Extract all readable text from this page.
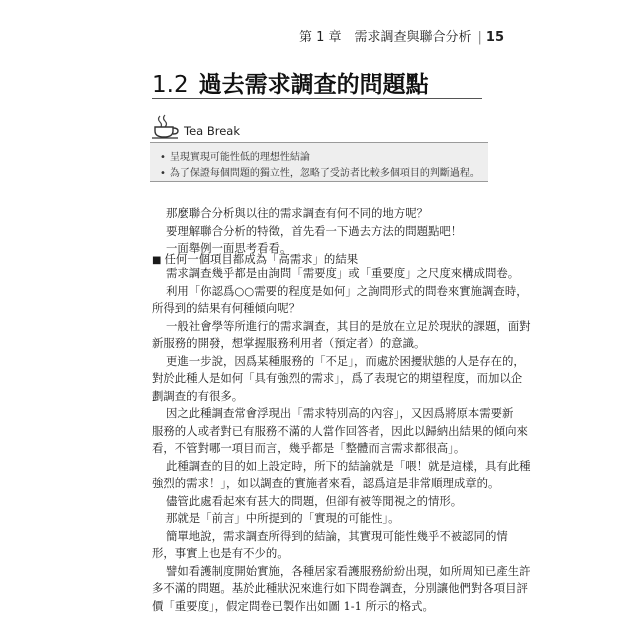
第 1 章　需求調查與聯合分析 | 15
1.2 過去需求調查的問題點
Tea Break
• 呈現實現可能性低的理想性結論
• 為了保證每個問題的獨立性，忽略了受訪者比較多個項目的判斷過程。
那麼聯合分析與以往的需求調查有何不同的地方呢？
要理解聯合分析的特徵，首先看一下過去方法的問題點吧！
一面舉例一面思考看看。
■ 任何一個項目都成為「高需求」的結果
需求調查幾乎都是由詢問「需要度」或「重要度」之尺度來構成問卷。
利用「你認爲○○需要的程度是如何」之詢問形式的問卷來實施調查時，
所得到的結果有何種傾向呢？
一般社會學等所進行的需求調查，其目的是放在立足於現狀的課題，面對
新服務的開發，想掌握服務利用者（預定者）的意識。
更進一步說，因爲某種服務的「不足」，而處於困擾狀態的人是存在的，
對於此種人是如何「具有強烈的需求」，爲了表現它的期望程度，而加以企
劃調查的有很多。
因之此種調查常會浮現出「需求特別高的內容」，又因爲將原本需要新
服務的人或者對已有服務不滿的人當作回答者，因此以歸納出結果的傾向來
看，不管對哪一項目而言，幾乎都是「整體而言需求都很高」。
此種調查的目的如上設定時，所下的結論就是「喂！就是這樣，具有此種
強烈的需求！」，如以調查的實施者來看，認爲這是非常順理成章的。
儘管此處看起來有甚大的問題，但卻有被等閒視之的情形。
那就是「前言」中所提到的「實現的可能性」。
簡單地說，需求調查所得到的結論，其實現可能性幾乎不被認同的情
形，事實上也是有不少的。
譬如看護制度開始實施，各種居家看護服務紛紛出現，如所周知已產生許
多不滿的問題。基於此種狀況來進行如下問卷調查，分別讓他們對各項目評
價「重要度」，假定問卷已製作出如圖 1-1 所示的格式。
